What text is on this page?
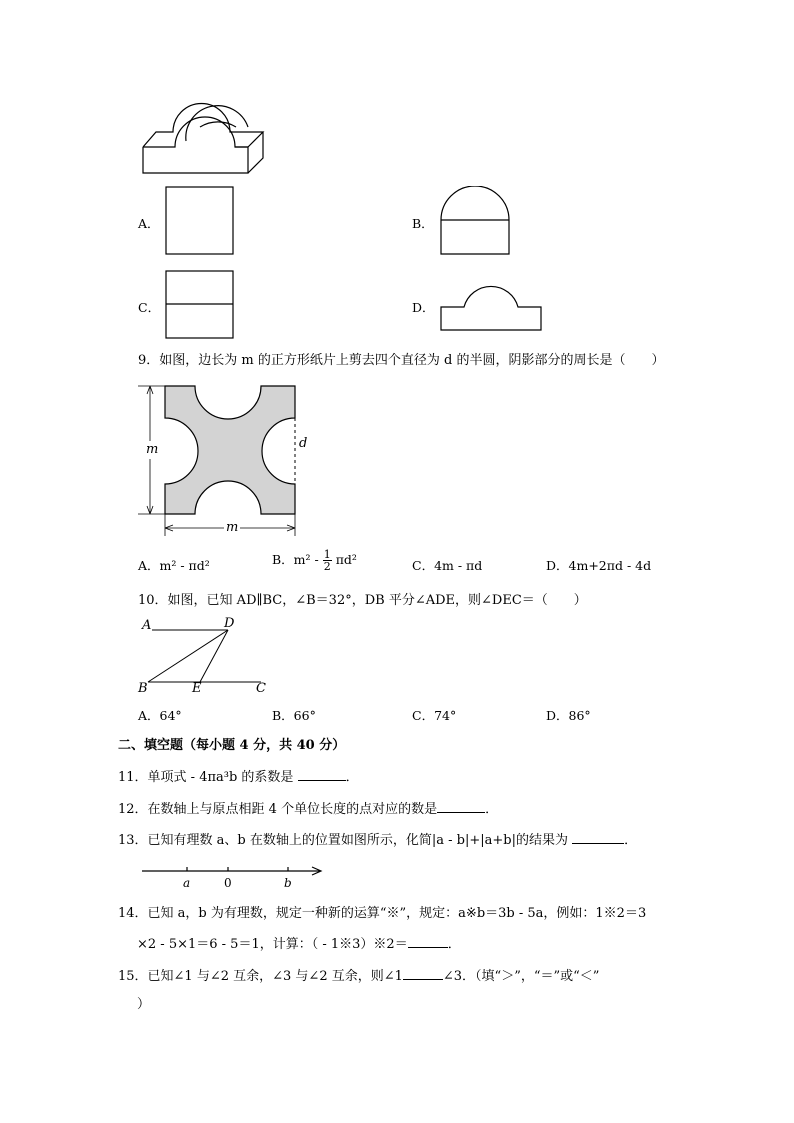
A．	B．
C．	D．
9．如图，边长为 m 的正方形纸片上剪去四个直径为 d 的半圆，阴影部分的周长是（　　）
m
m
d
A．m² - πd²	B．$m^2 - \frac{1}{2} \pi d^2$	C．4m - πd	D．4m+2πd - 4d
10．如图，已知 AD∥BC，∠B＝32°，DB 平分∠ADE，则∠DEC＝（　　）
A	D
B	E	C
A．64°	B．66°	C．74°	D．86°
二、填空题（每小题 4 分，共 40 分）
11．单项式 - 4πa³b 的系数是	．
12．在数轴上与原点相距 4 个单位长度的点对应的数是	．
13．已知有理数 a、b 在数轴上的位置如图所示，化简|a - b|+|a+b|的结果为	．
a	0	b
14．已知 a，b 为有理数，规定一种新的运算“※”，规定：a※b＝3b - 5a，例如：1※2＝3
×2 - 5×1＝6 - 5＝1，计算：（ - 1※3）※2＝	．
15．已知∠1 与∠2 互余，∠3 与∠2 互余，则∠1	∠3．（填“＞”，“＝”或“＜”
）
